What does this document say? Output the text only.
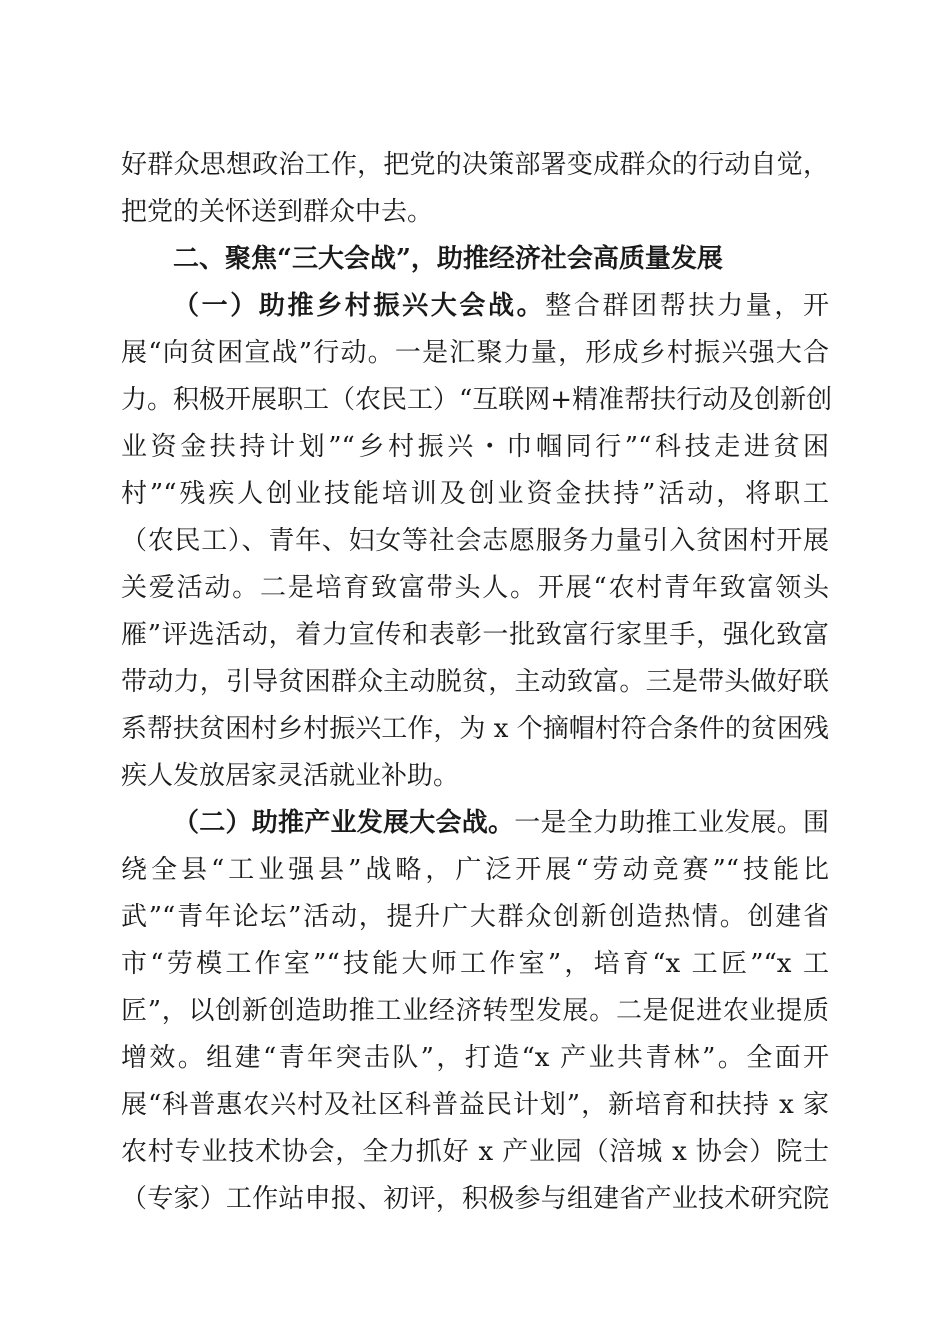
好群众思想政治工作，把党的决策部署变成群众的行动自觉，
把党的关怀送到群众中去。
二、聚焦“三大会战”，助推经济社会高质量发展
（一）助推乡村振兴大会战。整合群团帮扶力量，开
展“向贫困宣战”行动。一是汇聚力量，形成乡村振兴强大合
力。积极开展职工（农民工）“互联网+精准帮扶行动及创新创
业资金扶持计划”“乡村振兴・巾帼同行”“科技走进贫困
村”“残疾人创业技能培训及创业资金扶持”活动，将职工
（农民工）、青年、妇女等社会志愿服务力量引入贫困村开展
关爱活动。二是培育致富带头人。开展“农村青年致富领头
雁”评选活动，着力宣传和表彰一批致富行家里手，强化致富
带动力，引导贫困群众主动脱贫，主动致富。三是带头做好联
系帮扶贫困村乡村振兴工作，为 x 个摘帽村符合条件的贫困残
疾人发放居家灵活就业补助。
（二）助推产业发展大会战。一是全力助推工业发展。围
绕全县“工业强县”战略，广泛开展“劳动竞赛”“技能比
武”“青年论坛”活动，提升广大群众创新创造热情。创建省
市“劳模工作室”“技能大师工作室”，培育“x 工匠”“x 工
匠”，以创新创造助推工业经济转型发展。二是促进农业提质
增效。组建“青年突击队”，打造“x 产业共青林”。全面开
展“科普惠农兴村及社区科普益民计划”，新培育和扶持 x 家
农村专业技术协会，全力抓好 x 产业园（涪城 x 协会）院士
（专家）工作站申报、初评，积极参与组建省产业技术研究院
